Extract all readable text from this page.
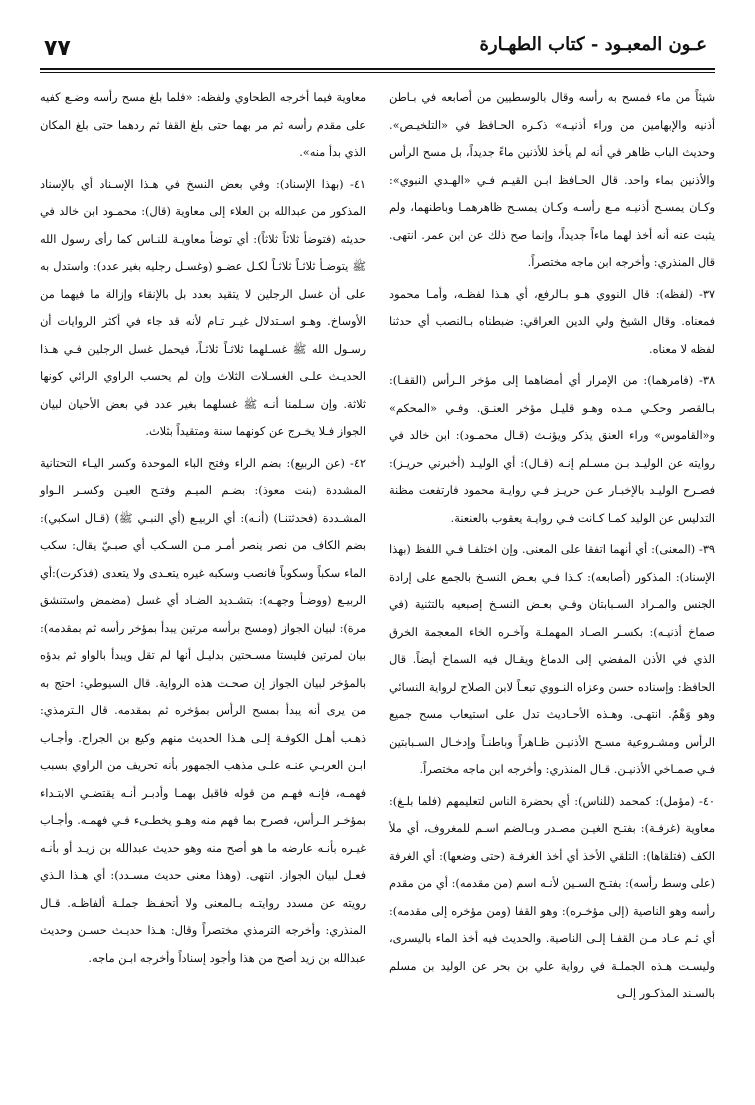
٧٧	عـون المعبـود - كتاب الطهـارة

شيئاً من ماء فمسح به رأسه وقال بالوسطيين من أصابعه في بـاطن أذنيه والإبهامين من وراء أذنيـه» ذكـره الحـافظ في «التلخيـص». وحديث الباب ظاهر في أنه لم يأخذ للأذنين ماءً جديداً، بل مسح الرأس والأذنين بماء واحد. قال الحـافظ ابـن القيـم فـي «الهـدي النبوي»: وكـان يمسـح أذنيـه مـع رأسـه وكـان يمسـح ظاهرهمـا وباطنهما، ولم يثبت عنه أنه أخذ لهما ماءاً جديداً، وإنما صح ذلك عن ابن عمر. انتهى. قال المنذري: وأخرجه ابن ماجه مختصراً.

٣٧- (لفظه): قال النووي هـو بـالرفع، أي هـذا لفظـه، وأمـا محمود فمعناه. وقال الشيخ ولي الدين العراقي: ضبطناه بـالنصب أي حدثنا لفظه لا معناه.

٣٨- (فامرهما): من الإمرار أي أمضاهما إلى مؤخر الـرأس (القفـا): بـالقصر وحكـي مـده وهـو قليـل مؤخر العنـق. وفـي «المحكم» و«القاموس» وراء العنق يذكر ويؤنـث (قـال محمـود): ابن خالد في روايته عن الوليـد بـن مسـلم إنـه (قـال): أي الوليـد (أخبرني حريـز): فصـرح الوليـد بالإخبـار عـن حريـز فـي روايـة محمود فارتفعت مظنة التدليس عن الوليد كمـا كـانت فـي روايـة يعقوب بالعنعنة.

٣٩- (المعنى): أي أنهما اتفقا على المعنى. وإن اختلفـا فـي اللفظ (بهذا الإسناد): المذكور (أصابعه): كـذا فـي بعـض النسـخ بالجمع على إرادة الجنس والمـراد السـبابتان وفـي بعـض النسـخ إصبعيه بالتثنية (في صماخ أذنيـه): بكسـر الصـاد المهملـة وآخـره الخاء المعجمة الخرق الذي في الأذن المفضي إلى الدماغ ويقـال فيه السماخ أيضاً. قال الحافظ: وإسناده حسن وعزاه النـووي تبعـاً لابن الصلاح لرواية النسائي وهو وَهْمٌ. انتهـى. وهـذه الأحـاديث تدل على استيعاب مسح جميع الرأس ومشـروعية مسـح الأذنيـن ظـاهراً وباطنـاً وإدخـال السـبابتين فـي صمـاخي الأذنيـن. قـال المنذري: وأخرجه ابن ماجه مختصراً.

٤٠- (مؤمل): كمحمد (للناس): أي بحضرة الناس لتعليمهم (فلما بلـغ): معاوية (غرفـة): بفتـح الغيـن مصـدر وبـالضم اسـم للمغروف، أي ملأ الكف (فتلقاها): التلقي الأخذ أي أخذ الغرفـة (حتى وضعها): أي الغرفة (على وسط رأسه): بفتـح السـين لأنـه اسم (من مقدمه): أي من مقدم رأسه وهو الناصية (إلى مؤخـره): وهو القفا (ومن مؤخره إلى مقدمه): أي ثـم عـاد مـن القفـا إلـى الناصية. والحديث فيه أخذ الماء باليسرى، وليسـت هـذه الجملـة في رواية علي بن بحر عن الوليد بن مسلم بالسـند المذكـور إلـى

معاوية فيما أخرجه الطحاوي ولفظه: «فلما بلغ مسح رأسه وضـع كفيه على مقدم رأسه ثم مر بهما حتى بلغ القفا ثم ردهما حتى بلغ المكان الذي بدأ منه».

٤١- (بهذا الإسناد): وفي بعض النسخ في هـذا الإسـناد أي بالإسناد المذكور من عبدالله بن العلاء إلى معاوية (قال): محمـود ابن خالد في حديثه (فتوضأ ثلاثاً ثلاثاً): أي توضأ معاويـة للنـاس كما رأى رسول الله ﷺ يتوضـأ ثلاثـاً ثلاثـاً لكـل عضـو (وغسـل رجليه بغير عدد): واستدل به على أن غسل الرجلين لا يتقيد بعدد بل بالإنقاء وإزالة ما فيهما من الأوساخ. وهـو اسـتدلال غيـر تـام لأنه قد جاء في أكثر الروايات أن رسـول الله ﷺ غسـلهما ثلاثـاً ثلاثـاً، فيحمل غسل الرجلين فـي هـذا الحديـث علـى الغسـلات الثلاث وإن لم يحسب الراوي الرائي كونها ثلاثة. وإن سـلمنا أنـه ﷺ غسلهما بغير عدد في بعض الأحيان لبيان الجواز فـلا يخـرج عن كونهما سنة ومتقيداً بثلاث.

٤٢- (عن الربيع): بضم الراء وفتح الباء الموحدة وكسر اليـاء التحتانية المشددة (بنت معوذ): بضـم الميـم وفتـح العيـن وكسـر الـواو المشـددة (فحدثتنـا) (أنـه): أي الربيـع (أي النبـي ﷺ) (قـال اسكبي): بضم الكاف من نصر ينصر أمـر مـن السـكب أي صبـيّ يقال: سكب الماء سكباً وسكوباً فانصب وسكبه غيره يتعـدى ولا يتعدى (فذكرت):أي الربيـع (ووضـأ وجهـه): بتشـديد الضـاد أي غسل (مضمض واستنشق مرة): لبيان الجواز (ومسح برأسه مرتين يبدأ بمؤخر رأسه ثم بمقدمه): بيان لمرتين فليستا مسـحتين بدليـل أنها لم تقل ويبدأ بالواو ثم بدؤه بالمؤخر لبيان الجواز إن صحـت هذه الرواية. قال السيوطي: احتج به من يرى أنه يبدأ بمسح الرأس بمؤخره ثم بمقدمه. قال الـترمذي: ذهـب أهـل الكوفـة إلـى هـذا الحديث منهم وكيع بن الجراح. وأجـاب ابـن العربـي عنـه علـى مذهب الجمهور بأنه تحريف من الراوي بسبب فهمـه، فإنـه فهـم من قوله فاقبل بهمـا وأدبـر أنـه يقتضـي الابتـداء بمؤخـر الـرأس، فصرح بما فهم منه وهـو يخطـىء فـي فهمـه. وأجـاب غيـره بأنـه عارضه ما هو أصح منه وهو حديث عبدالله بن زيـد أو بأنـه فعـل لبيان الجواز. انتهى. (وهذا معنى حديث مسـدد): أي هـذا الـذي رويته عن مسدد روايتـه بـالمعنى ولا أتحفـظ جملـة ألفاظـه. قـال المنذري: وأخرجه الترمذي مختصراً وقال: هـذا حديـث حسـن وحديث عبدالله بن زيد أصح من هذا وأجود إسناداً وأخرجه ابـن ماجه.
